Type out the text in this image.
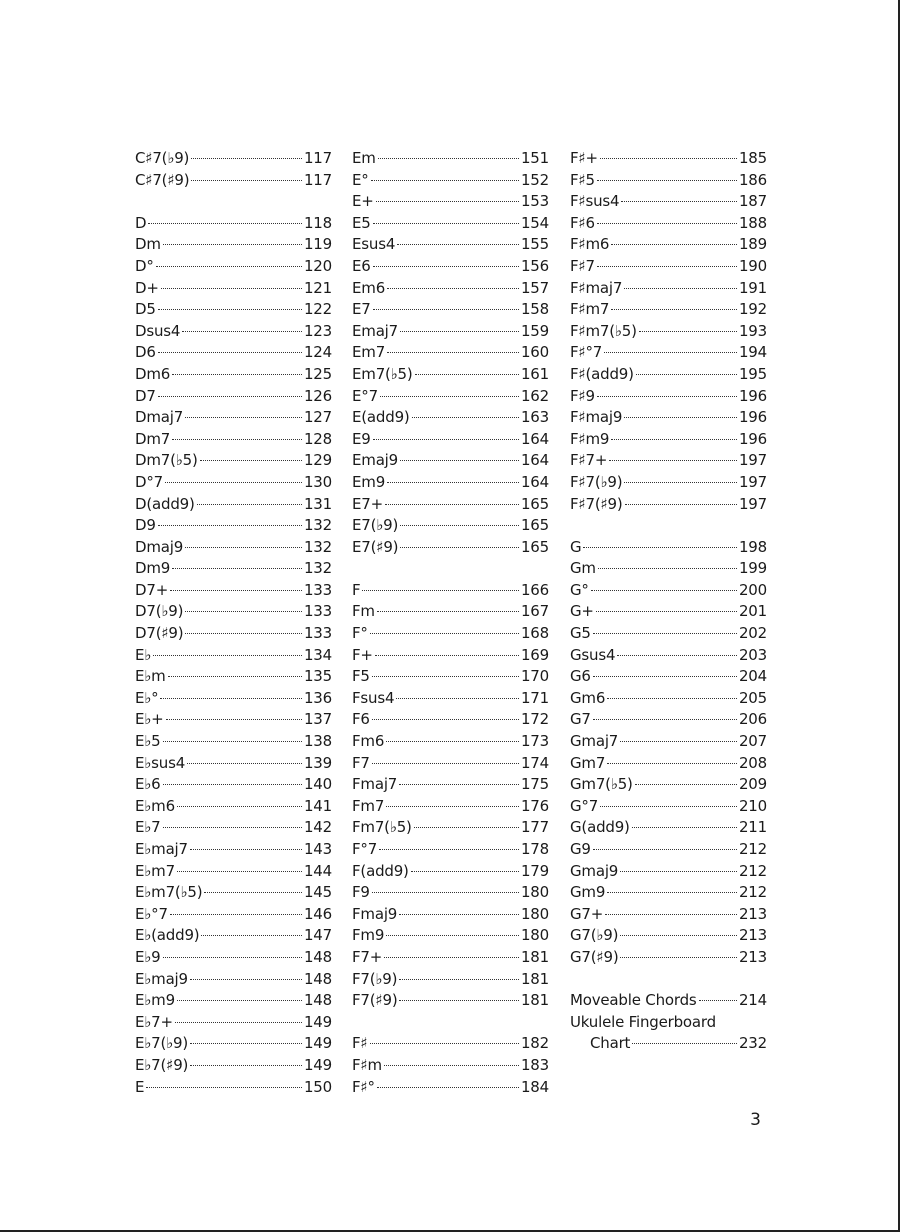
C♯7(♭9)	117
C♯7(♯9)	117
D	118
Dm	119
D°	120
D+	121
D5	122
Dsus4	123
D6	124
Dm6	125
D7	126
Dmaj7	127
Dm7	128
Dm7(♭5)	129
D°7	130
D(add9)	131
D9	132
Dmaj9	132
Dm9	132
D7+	133
D7(♭9)	133
D7(♯9)	133
E♭	134
E♭m	135
E♭°	136
E♭+	137
E♭5	138
E♭sus4	139
E♭6	140
E♭m6	141
E♭7	142
E♭maj7	143
E♭m7	144
E♭m7(♭5)	145
E♭°7	146
E♭(add9)	147
E♭9	148
E♭maj9	148
E♭m9	148
E♭7+	149
E♭7(♭9)	149
E♭7(♯9)	149
E	150
Em	151
E°	152
E+	153
E5	154
Esus4	155
E6	156
Em6	157
E7	158
Emaj7	159
Em7	160
Em7(♭5)	161
E°7	162
E(add9)	163
E9	164
Emaj9	164
Em9	164
E7+	165
E7(♭9)	165
E7(♯9)	165
F	166
Fm	167
F°	168
F+	169
F5	170
Fsus4	171
F6	172
Fm6	173
F7	174
Fmaj7	175
Fm7	176
Fm7(♭5)	177
F°7	178
F(add9)	179
F9	180
Fmaj9	180
Fm9	180
F7+	181
F7(♭9)	181
F7(♯9)	181
F♯	182
F♯m	183
F♯°	184
F♯+	185
F♯5	186
F♯sus4	187
F♯6	188
F♯m6	189
F♯7	190
F♯maj7	191
F♯m7	192
F♯m7(♭5)	193
F♯°7	194
F♯(add9)	195
F♯9	196
F♯maj9	196
F♯m9	196
F♯7+	197
F♯7(♭9)	197
F♯7(♯9)	197
G	198
Gm	199
G°	200
G+	201
G5	202
Gsus4	203
G6	204
Gm6	205
G7	206
Gmaj7	207
Gm7	208
Gm7(♭5)	209
G°7	210
G(add9)	211
G9	212
Gmaj9	212
Gm9	212
G7+	213
G7(♭9)	213
G7(♯9)	213
Moveable Chords	214
Ukulele Fingerboard
Chart	232
3
